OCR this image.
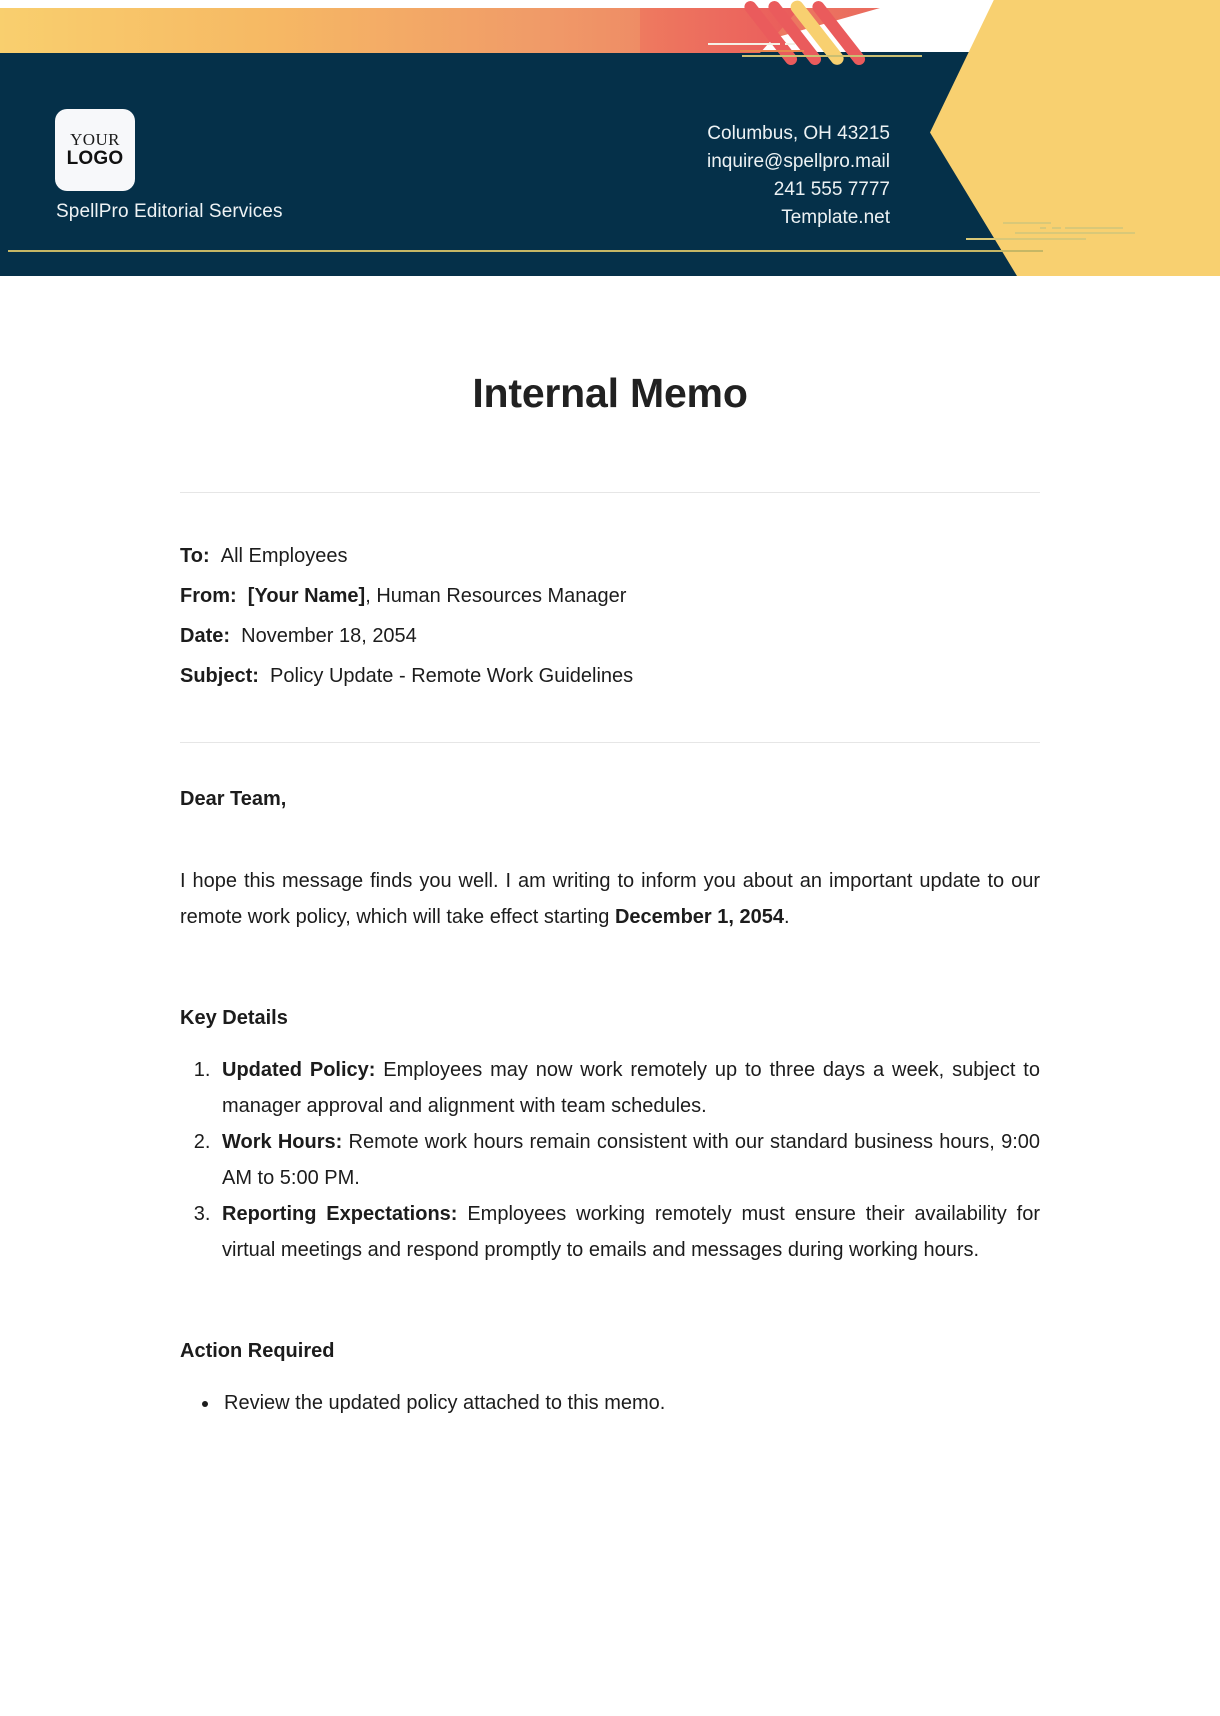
YOUR
LOGO
SpellPro Editorial Services
Columbus, OH 43215
inquire@spellpro.mail
241 555 7777
Template.net
Internal Memo
To: All Employees
From: [Your Name], Human Resources Manager
Date: November 18, 2054
Subject: Policy Update - Remote Work Guidelines

Dear Team,

I hope this message finds you well. I am writing to inform you about an important update to our remote work policy, which will take effect starting December 1, 2054.

Key Details
1. Updated Policy: Employees may now work remotely up to three days a week, subject to manager approval and alignment with team schedules.
2. Work Hours: Remote work hours remain consistent with our standard business hours, 9:00 AM to 5:00 PM.
3. Reporting Expectations: Employees working remotely must ensure their availability for virtual meetings and respond promptly to emails and messages during working hours.
Action Required
• Review the updated policy attached to this memo.
